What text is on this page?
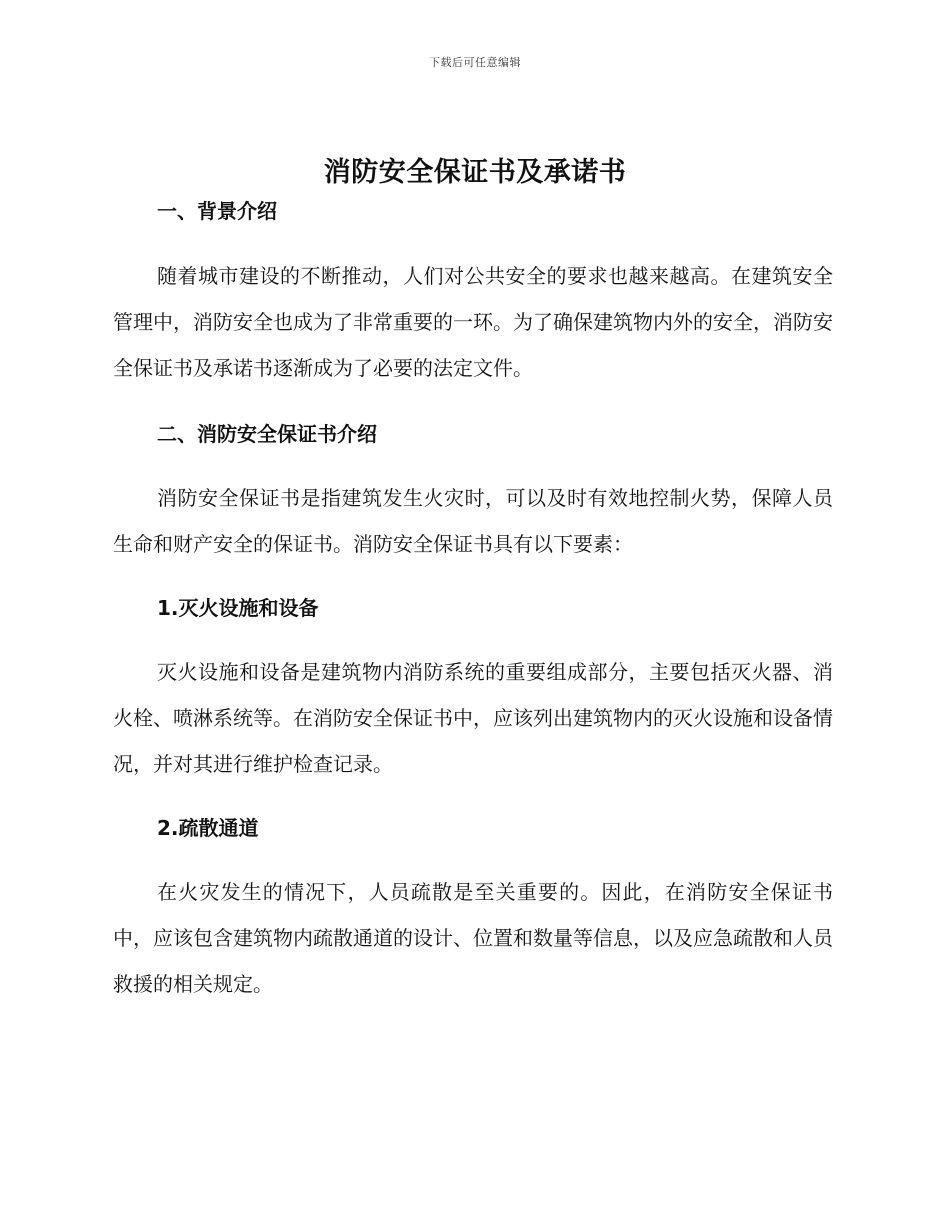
下载后可任意编辑
消防安全保证书及承诺书
一、背景介绍

随着城市建设的不断推动，人们对公共安全的要求也越来越高。在建筑安全管理中，消防安全也成为了非常重要的一环。为了确保建筑物内外的安全，消防安全保证书及承诺书逐渐成为了必要的法定文件。

二、消防安全保证书介绍

消防安全保证书是指建筑发生火灾时，可以及时有效地控制火势，保障人员生命和财产安全的保证书。消防安全保证书具有以下要素：

1.灭火设施和设备

灭火设施和设备是建筑物内消防系统的重要组成部分，主要包括灭火器、消火栓、喷淋系统等。在消防安全保证书中，应该列出建筑物内的灭火设施和设备情况，并对其进行维护检查记录。

2.疏散通道

在火灾发生的情况下，人员疏散是至关重要的。因此，在消防安全保证书中，应该包含建筑物内疏散通道的设计、位置和数量等信息，以及应急疏散和人员救援的相关规定。
